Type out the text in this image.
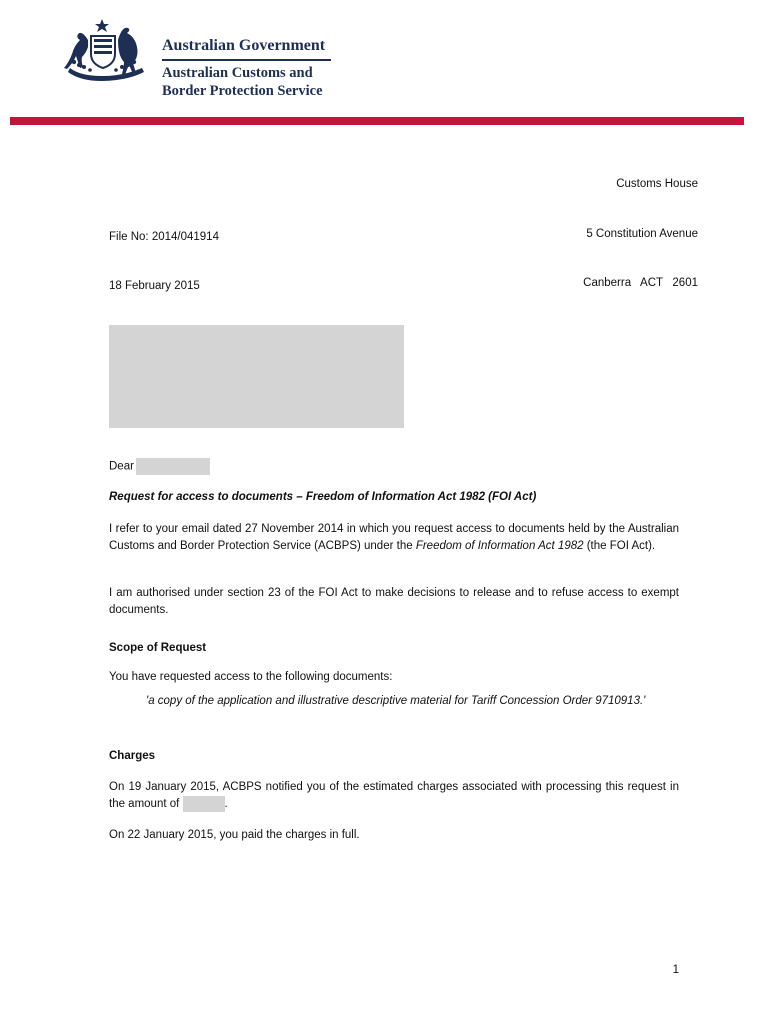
Australian Government
Australian Customs and
Border Protection Service

Customs House

5 Constitution Avenue

Canberra   ACT   2601

File No: 2014/041914
18 February 2015
Dear
Request for access to documents – Freedom of Information Act 1982 (FOI Act)

I refer to your email dated 27 November 2014 in which you request access to documents held by the Australian Customs and Border Protection Service (ACBPS) under the Freedom of Information Act 1982 (the FOI Act).

I am authorised under section 23 of the FOI Act to make decisions to release and to refuse access to exempt documents.

Scope of Request
You have requested access to the following documents:

'a copy of the application and illustrative descriptive material for Tariff Concession Order 9710913.'

Charges

On 19 January 2015, ACBPS notified you of the estimated charges associated with processing this request in the amount of	.

On 22 January 2015, you paid the charges in full.
1
